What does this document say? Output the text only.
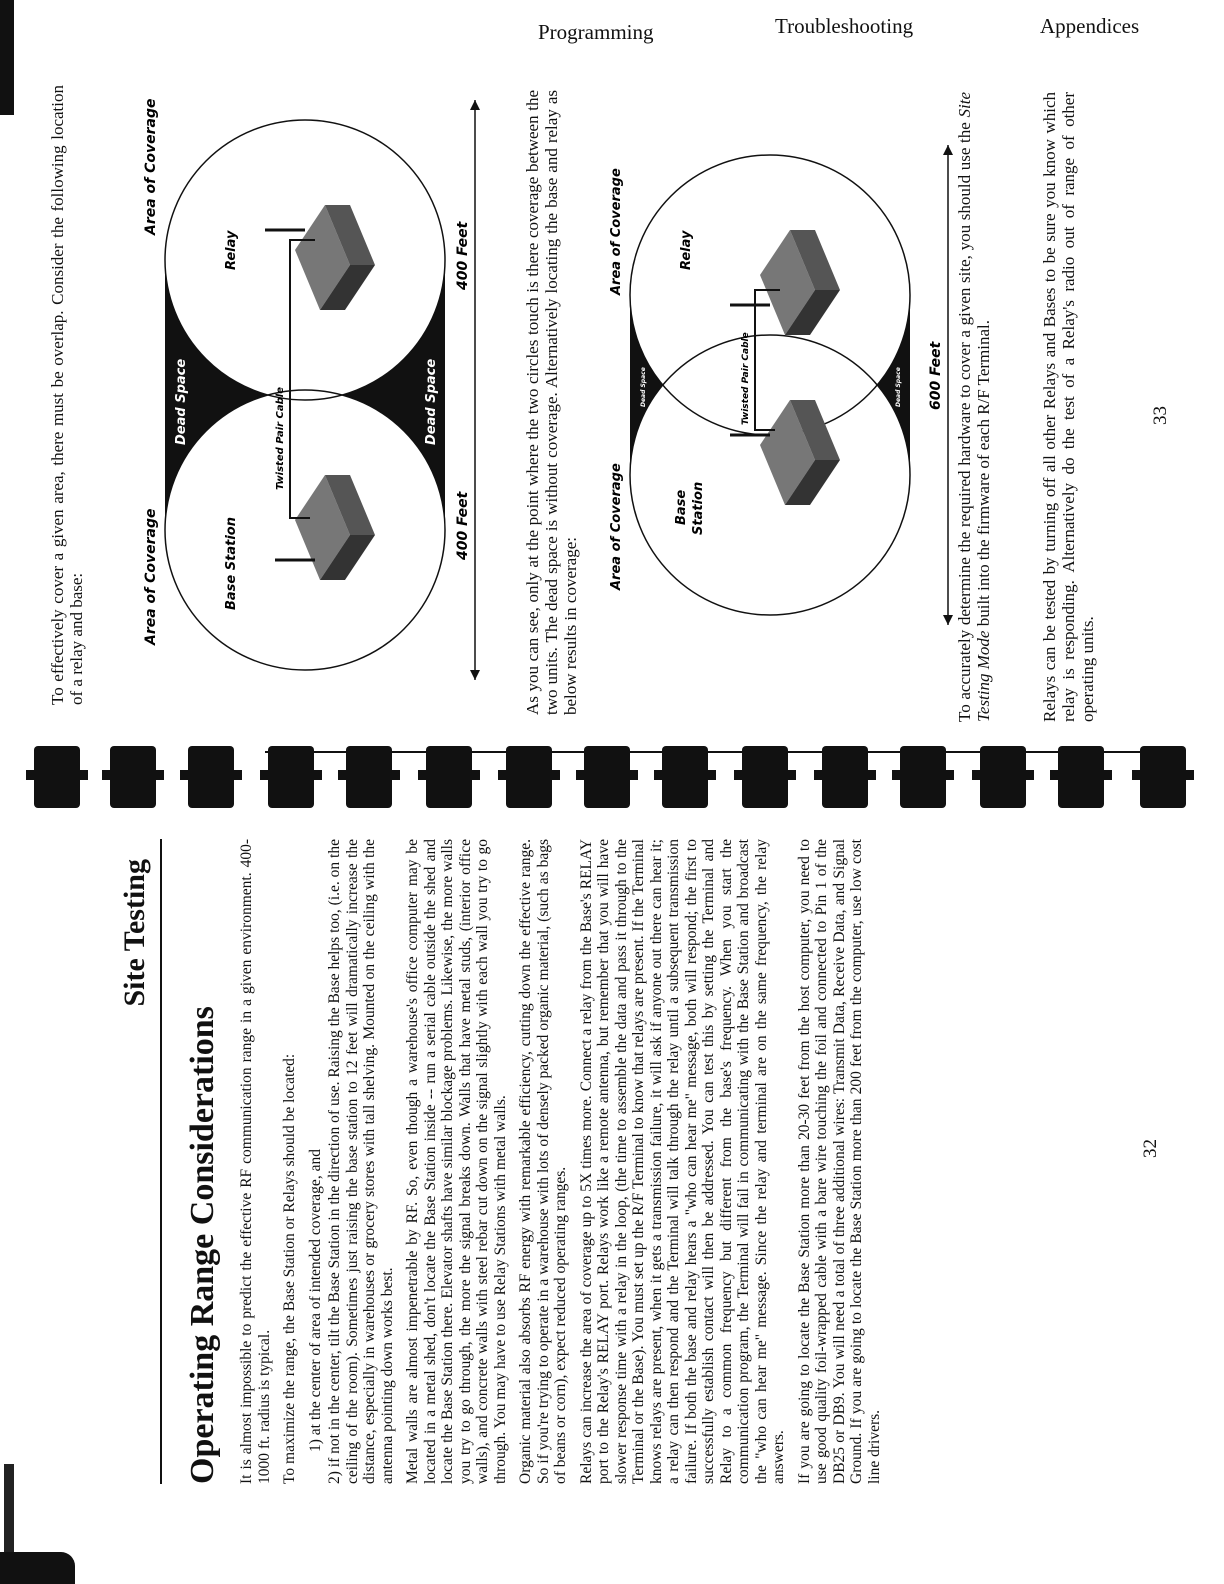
Programming	Troubleshooting	Appendices
Site Testing
Operating Range Considerations It is almost impossible to predict the effective RF communication range in a given environment. 400-1000 ft. radius is typical. To maximize the range, the Base Station or Relays should be located: 1) at the center of area of intended coverage, and 2) if not in the center, tilt the Base Station in the direction of use. Raising the Base helps too, (i.e. on the ceiling of the room). Sometimes just raising the base station to 12 feet will dramatically increase the distance, especially in warehouses or grocery stores with tall shelving. Mounted on the ceiling with the antenna pointing down works best. Metal walls are almost impenetrable by RF. So, even though a warehouse's office computer may be located in a metal shed, don't locate the Base Station inside -- run a serial cable outside the shed and locate the Base Station there. Elevator shafts have similar blockage problems. Likewise, the more walls you try to go through, the more the signal breaks down. Walls that have metal studs, (interior office walls), and concrete walls with steel rebar cut down on the signal slightly with each wall you try to go through. You may have to use Relay Stations with metal walls. Organic material also absorbs RF energy with remarkable efficiency, cutting down the effective range. So if you're trying to operate in a warehouse with lots of densely packed organic material, (such as bags of beans or corn), expect reduced operating ranges. Relays can increase the area of coverage up to 5X times more. Connect a relay from the Base's RELAY port to the Relay's RELAY port. Relays work like a remote antenna, but remember that you will have slower response time with a relay in the loop, (the time to assemble the data and pass it through to the Terminal or the Base). You must set up the R/F Terminal to know that relays are present. If the Terminal knows relays are present, when it gets a transmission failure, it will ask if anyone out there can hear it; a relay can then respond and the Terminal will talk through the relay until a subsequent transmission failure. If both the base and relay hears a "who can hear me" message, both will respond; the first to successfully establish contact will then be addressed. You can test this by setting the Terminal and Relay to a common frequency but different from the base's frequency. When you start the communication program, the Terminal will fail in communicating with the Base Station and broadcast the "who can hear me" message. Since the relay and terminal are on the same frequency, the relay answers. If you are going to locate the Base Station more than 20-30 feet from the host computer, you need to use good quality foil-wrapped cable with a bare wire touching the foil and connected to Pin 1 of the DB25 or DB9. You will need a total of three additional wires: Transmit Data, Receive Data, and Signal Ground. If you are going to locate the Base Station more than 200 feet from the computer, use low cost line drivers.

32

To effectively cover a given area, there must be overlap. Consider the following location of a relay and base:	As you can see, only at the point where the two circles touch is there coverage between the two units. The dead space is without coverage. Alternatively locating the base and relay as below results in coverage:	To accurately determine the required hardware to cover a given site, you should use the Site Testing Mode built into the firmware of each R/F Terminal.	Relays can be tested by turning off all other Relays and Bases to be sure you know which relay is responding. Alternatively do the test of a Relay's radio out of range of other operating units.

33
Area of Coverage
Area of Coverage
Base Station
Relay
Twisted Pair Cable
Dead Space	Dead Space
400 Feet
400 Feet
Area of Coverage
Area of Coverage
Base Station
Relay
Twisted Pair Cable
Dead Space	Dead Space 600 Feet
